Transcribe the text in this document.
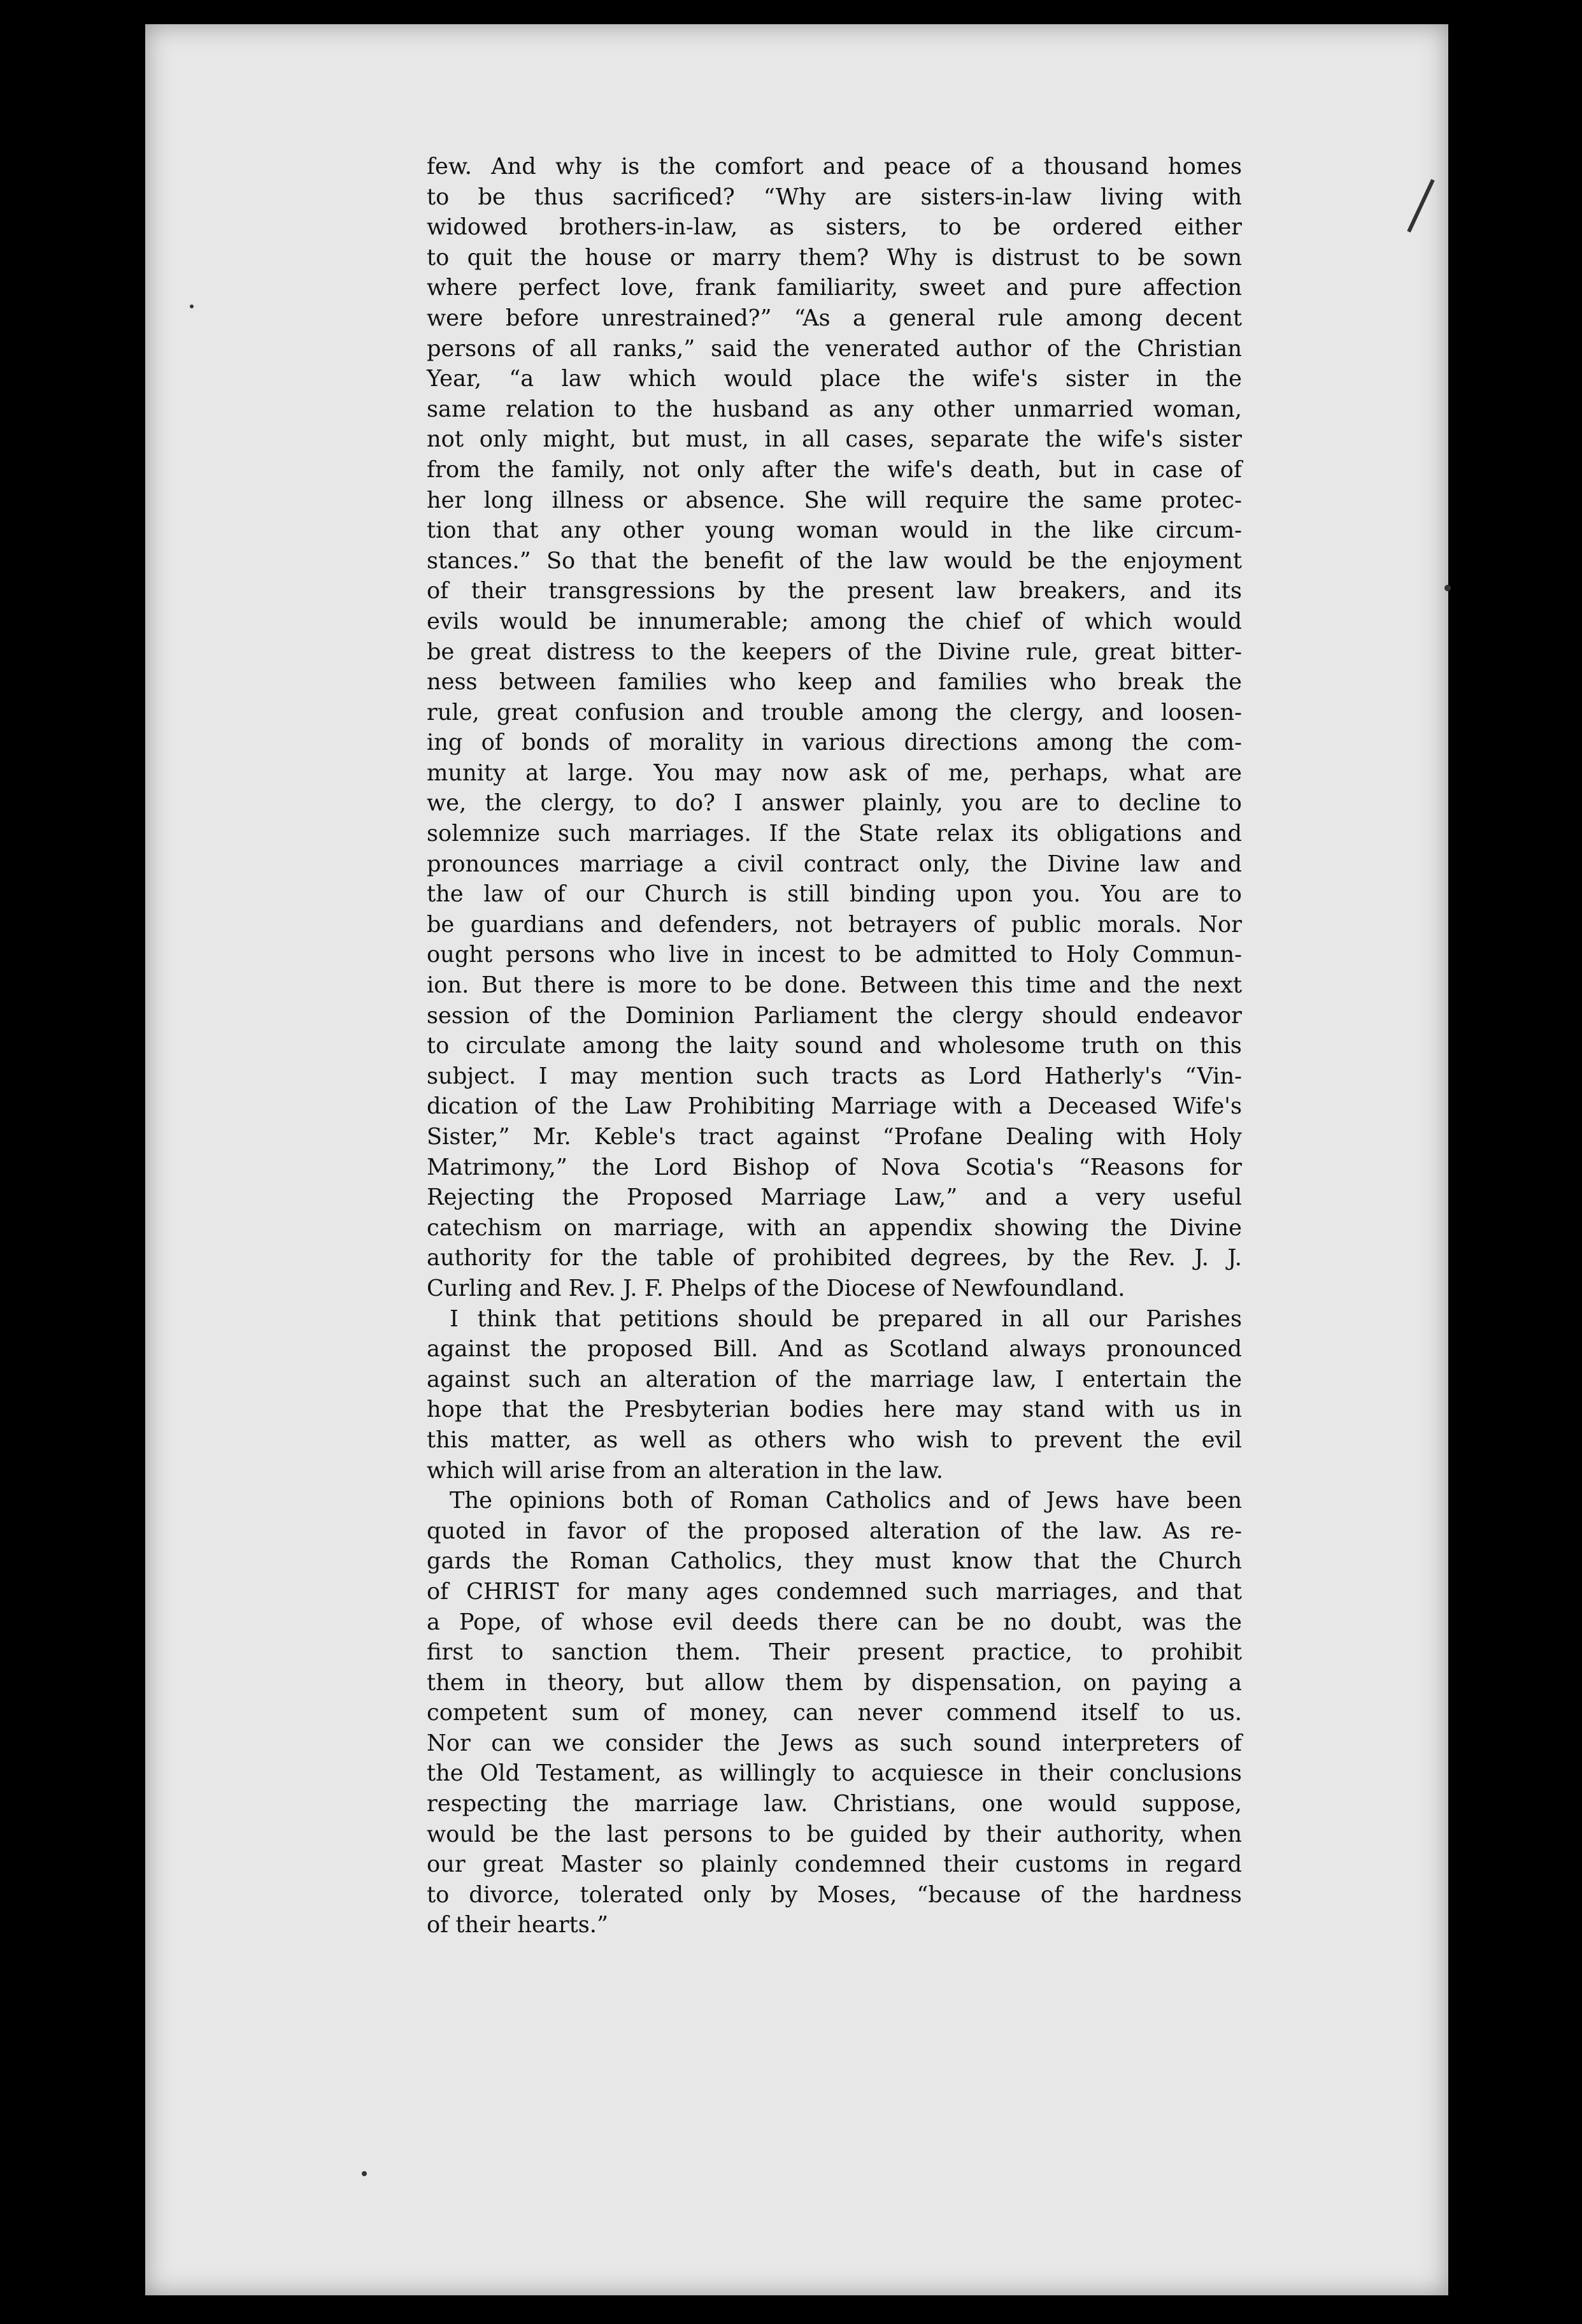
few. And why is the comfort and peace of a thousand homes
to be thus sacrificed? “Why are sisters-in-law living with
widowed brothers-in-law, as sisters, to be ordered either
to quit the house or marry them? Why is distrust to be sown
where perfect love, frank familiarity, sweet and pure affection
were before unrestrained?” “As a general rule among decent
persons of all ranks,” said the venerated author of the Christian
Year, “a law which would place the wife's sister in the
same relation to the husband as any other unmarried woman,
not only might, but must, in all cases, separate the wife's sister
from the family, not only after the wife's death, but in case of
her long illness or absence. She will require the same protec-
tion that any other young woman would in the like circum-
stances.” So that the benefit of the law would be the enjoyment
of their transgressions by the present law breakers, and its
evils would be innumerable; among the chief of which would
be great distress to the keepers of the Divine rule, great bitter-
ness between families who keep and families who break the
rule, great confusion and trouble among the clergy, and loosen-
ing of bonds of morality in various directions among the com-
munity at large. You may now ask of me, perhaps, what are
we, the clergy, to do? I answer plainly, you are to decline to
solemnize such marriages. If the State relax its obligations and
pronounces marriage a civil contract only, the Divine law and
the law of our Church is still binding upon you. You are to
be guardians and defenders, not betrayers of public morals. Nor
ought persons who live in incest to be admitted to Holy Commun-
ion. But there is more to be done. Between this time and the next
session of the Dominion Parliament the clergy should endeavor
to circulate among the laity sound and wholesome truth on this
subject. I may mention such tracts as Lord Hatherly's “Vin-
dication of the Law Prohibiting Marriage with a Deceased Wife's
Sister,” Mr. Keble's tract against “Profane Dealing with Holy
Matrimony,” the Lord Bishop of Nova Scotia's “Reasons for
Rejecting the Proposed Marriage Law,” and a very useful
catechism on marriage, with an appendix showing the Divine
authority for the table of prohibited degrees, by the Rev. J. J.
Curling and Rev. J. F. Phelps of the Diocese of Newfoundland.
I think that petitions should be prepared in all our Parishes
against the proposed Bill. And as Scotland always pronounced
against such an alteration of the marriage law, I entertain the
hope that the Presbyterian bodies here may stand with us in
this matter, as well as others who wish to prevent the evil
which will arise from an alteration in the law.
The opinions both of Roman Catholics and of Jews have been
quoted in favor of the proposed alteration of the law. As re-
gards the Roman Catholics, they must know that the Church
of CHRIST for many ages condemned such marriages, and that
a Pope, of whose evil deeds there can be no doubt, was the
first to sanction them. Their present practice, to prohibit
them in theory, but allow them by dispensation, on paying a
competent sum of money, can never commend itself to us.
Nor can we consider the Jews as such sound interpreters of
the Old Testament, as willingly to acquiesce in their conclusions
respecting the marriage law. Christians, one would suppose,
would be the last persons to be guided by their authority, when
our great Master so plainly condemned their customs in regard
to divorce, tolerated only by Moses, “because of the hardness
of their hearts.”
